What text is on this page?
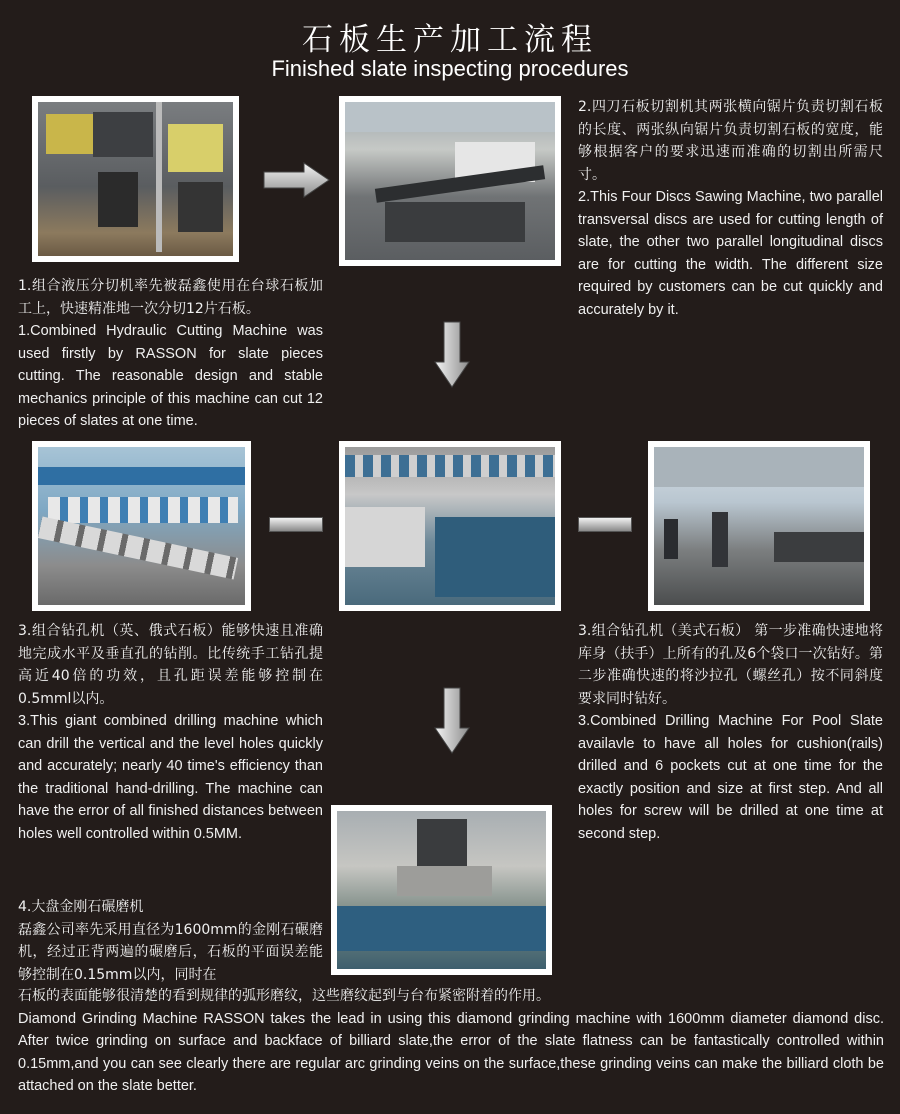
石板生产加工流程
Finished slate inspecting procedures

2.四刀石板切割机其两张横向锯片负责切割石板的长度、两张纵向锯片负责切割石板的宽度，能够根据客户的要求迅速而准确的切割出所需尺寸。

2.This Four Discs Sawing Machine, two parallel transversal discs are used for cutting length of slate, the other two parallel longitudinal discs are for cutting the width. The different size required by customers can be cut quickly and accurately by it.

1.组合液压分切机率先被磊鑫使用在台球石板加工上，快速精准地一次分切12片石板。

1.Combined Hydraulic Cutting Machine was used firstly by RASSON for slate pieces cutting. The reasonable design and stable mechanics principle of this machine can cut 12 pieces of slates at one time.

3.组合钻孔机（英、俄式石板）能够快速且准确地完成水平及垂直孔的钻削。比传统手工钻孔提高近40倍的功效，且孔距误差能够控制在0.5mml以内。

3.This giant combined drilling machine which can drill the vertical and the level holes quickly and accurately; nearly 40 time's efficiency than the traditional hand-drilling. The machine can have the error of all finished distances between holes well controlled within 0.5MM.

3.组合钻孔机（美式石板） 第一步准确快速地将库身（扶手）上所有的孔及6个袋口一次钻好。第二步准确快速的将沙拉孔（螺丝孔）按不同斜度要求同时钻好。

3.Combined Drilling Machine For Pool Slate availavle to have all holes for cushion(rails) drilled and 6 pockets cut at one time for the exactly position and size at first step. And all holes for screw will be drilled at one time at second step.

4.大盘金刚石碾磨机

磊鑫公司率先采用直径为1600mm的金刚石碾磨机，经过正背两遍的碾磨后，石板的平面误差能够控制在0.15mm以内，同时在

石板的表面能够很清楚的看到规律的弧形磨纹，这些磨纹起到与台布紧密附着的作用。

Diamond Grinding Machine RASSON takes the lead in using this diamond grinding machine with 1600mm diameter diamond disc. After twice grinding on surface and backface of billiard slate,the error of the slate flatness can be fantastically controlled within 0.15mm,and you can see clearly there are regular arc grinding veins on the surface,these grinding veins can make the billiard cloth be attached on the slate better.
